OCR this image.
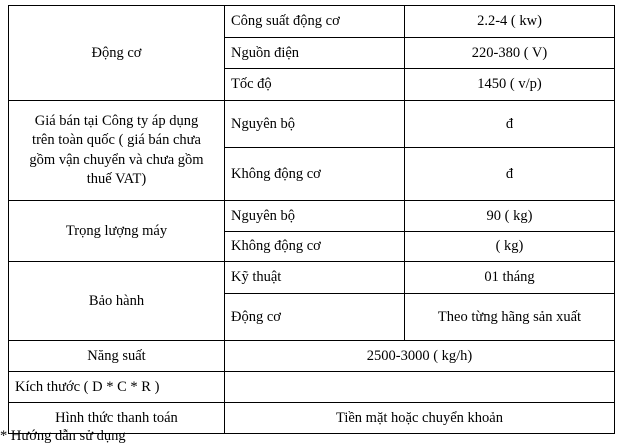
Động cơ	Công suất động cơ	2.2-4 ( kw)
	Nguồn điện	220-380 ( V)
	Tốc độ	1450 ( v/p)
Giá bán tại Công ty áp dụng
trên toàn quốc ( giá bán chưa
gồm vận chuyển và chưa gồm
thuế VAT)	Nguyên bộ	đ
	Không động cơ	đ
Trọng lượng máy	Nguyên bộ	90 ( kg)
	Không động cơ	( kg)
Bảo hành	Kỹ thuật	01 tháng
	Động cơ	Theo từng hãng sản xuất
Năng suất	2500-3000 ( kg/h)	
Kích thước ( D * C * R )		
Hình thức thanh toán	Tiền mặt hoặc chuyển khoản	
* Hướng dẫn sử dụng
